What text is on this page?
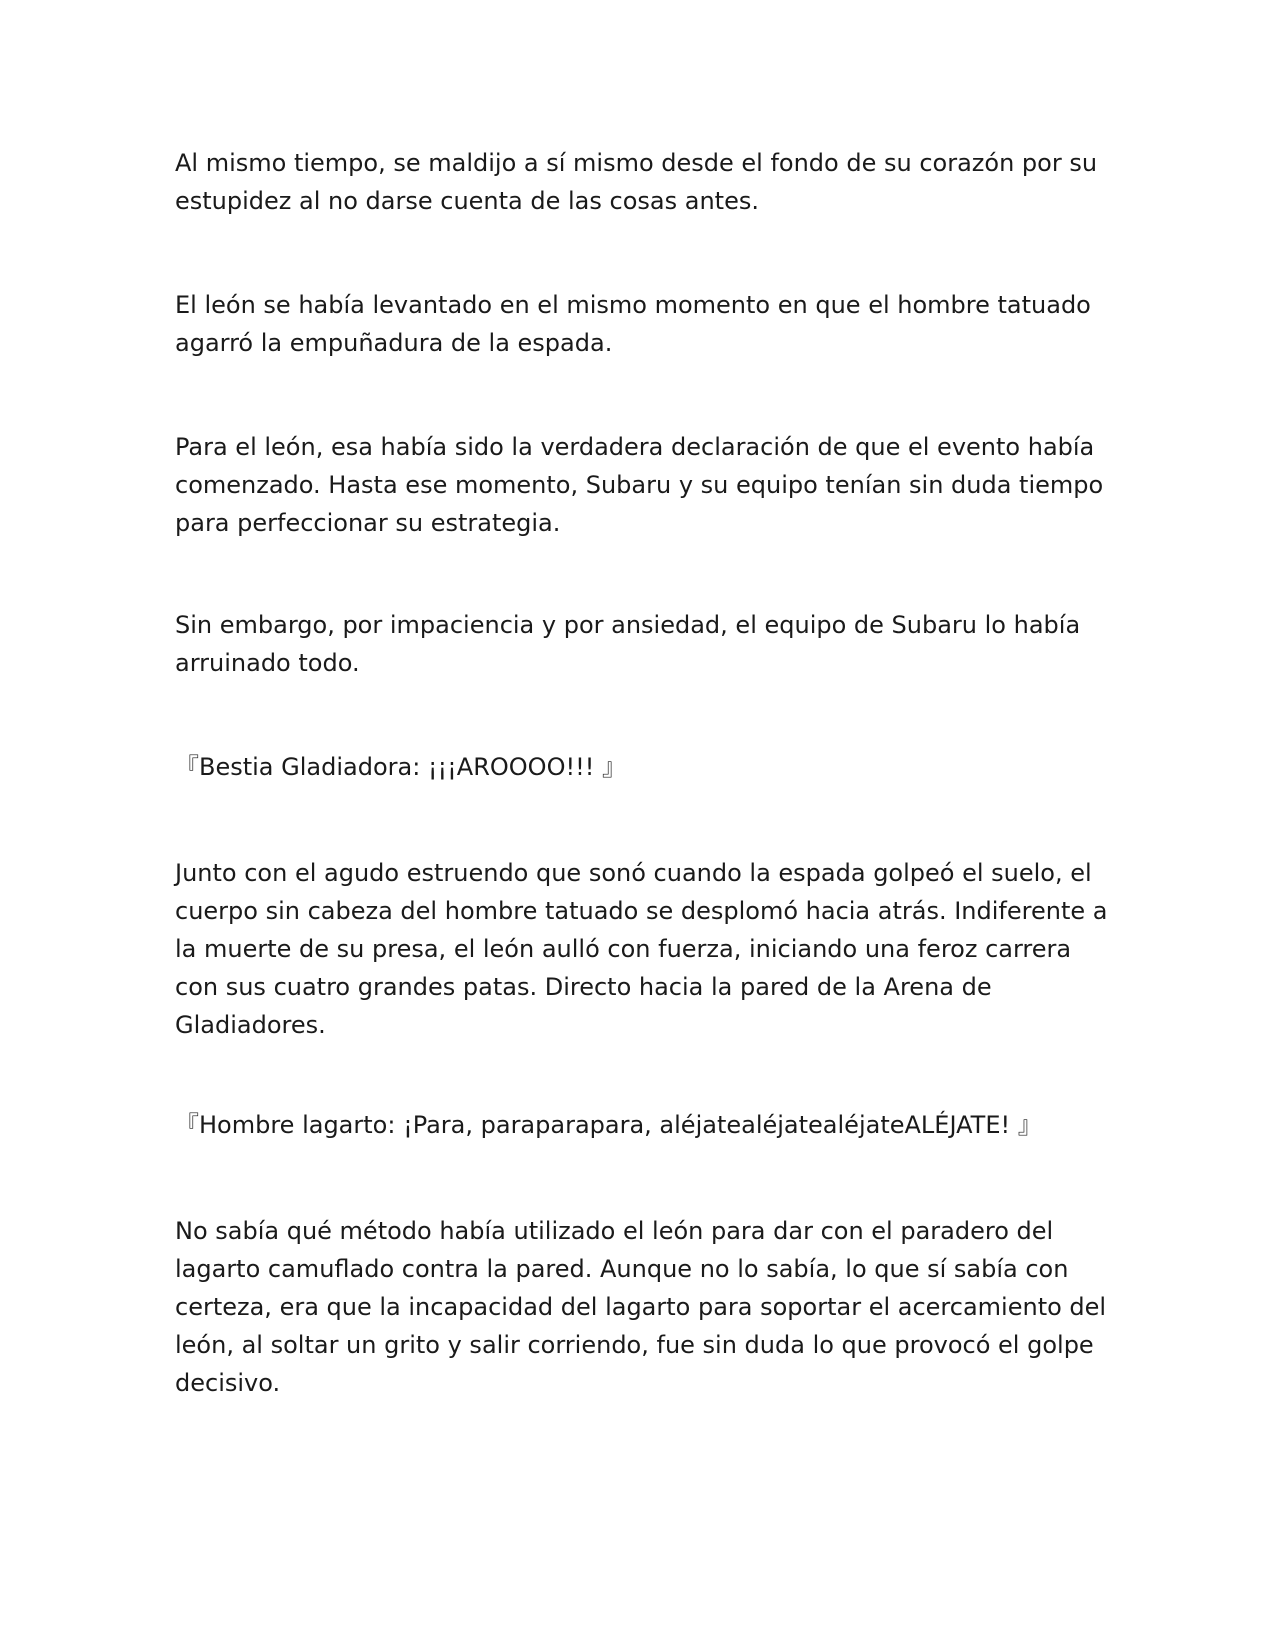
Al mismo tiempo, se maldijo a sí mismo desde el fondo de su corazón por su
estupidez al no darse cuenta de las cosas antes.
El león se había levantado en el mismo momento en que el hombre tatuado
agarró la empuñadura de la espada.
Para el león, esa había sido la verdadera declaración de que el evento había
comenzado. Hasta ese momento, Subaru y su equipo tenían sin duda tiempo
para perfeccionar su estrategia.
Sin embargo, por impaciencia y por ansiedad, el equipo de Subaru lo había
arruinado todo.
『Bestia Gladiadora: ¡¡¡AROOOO!!! 』
Junto con el agudo estruendo que sonó cuando la espada golpeó el suelo, el
cuerpo sin cabeza del hombre tatuado se desplomó hacia atrás. Indiferente a
la muerte de su presa, el león aulló con fuerza, iniciando una feroz carrera
con sus cuatro grandes patas. Directo hacia la pared de la Arena de
Gladiadores.
『Hombre lagarto: ¡Para, paraparapara, aléjatealéjatealéjateALÉJATE! 』
No sabía qué método había utilizado el león para dar con el paradero del
lagarto camuflado contra la pared. Aunque no lo sabía, lo que sí sabía con
certeza, era que la incapacidad del lagarto para soportar el acercamiento del
león, al soltar un grito y salir corriendo, fue sin duda lo que provocó el golpe
decisivo.
